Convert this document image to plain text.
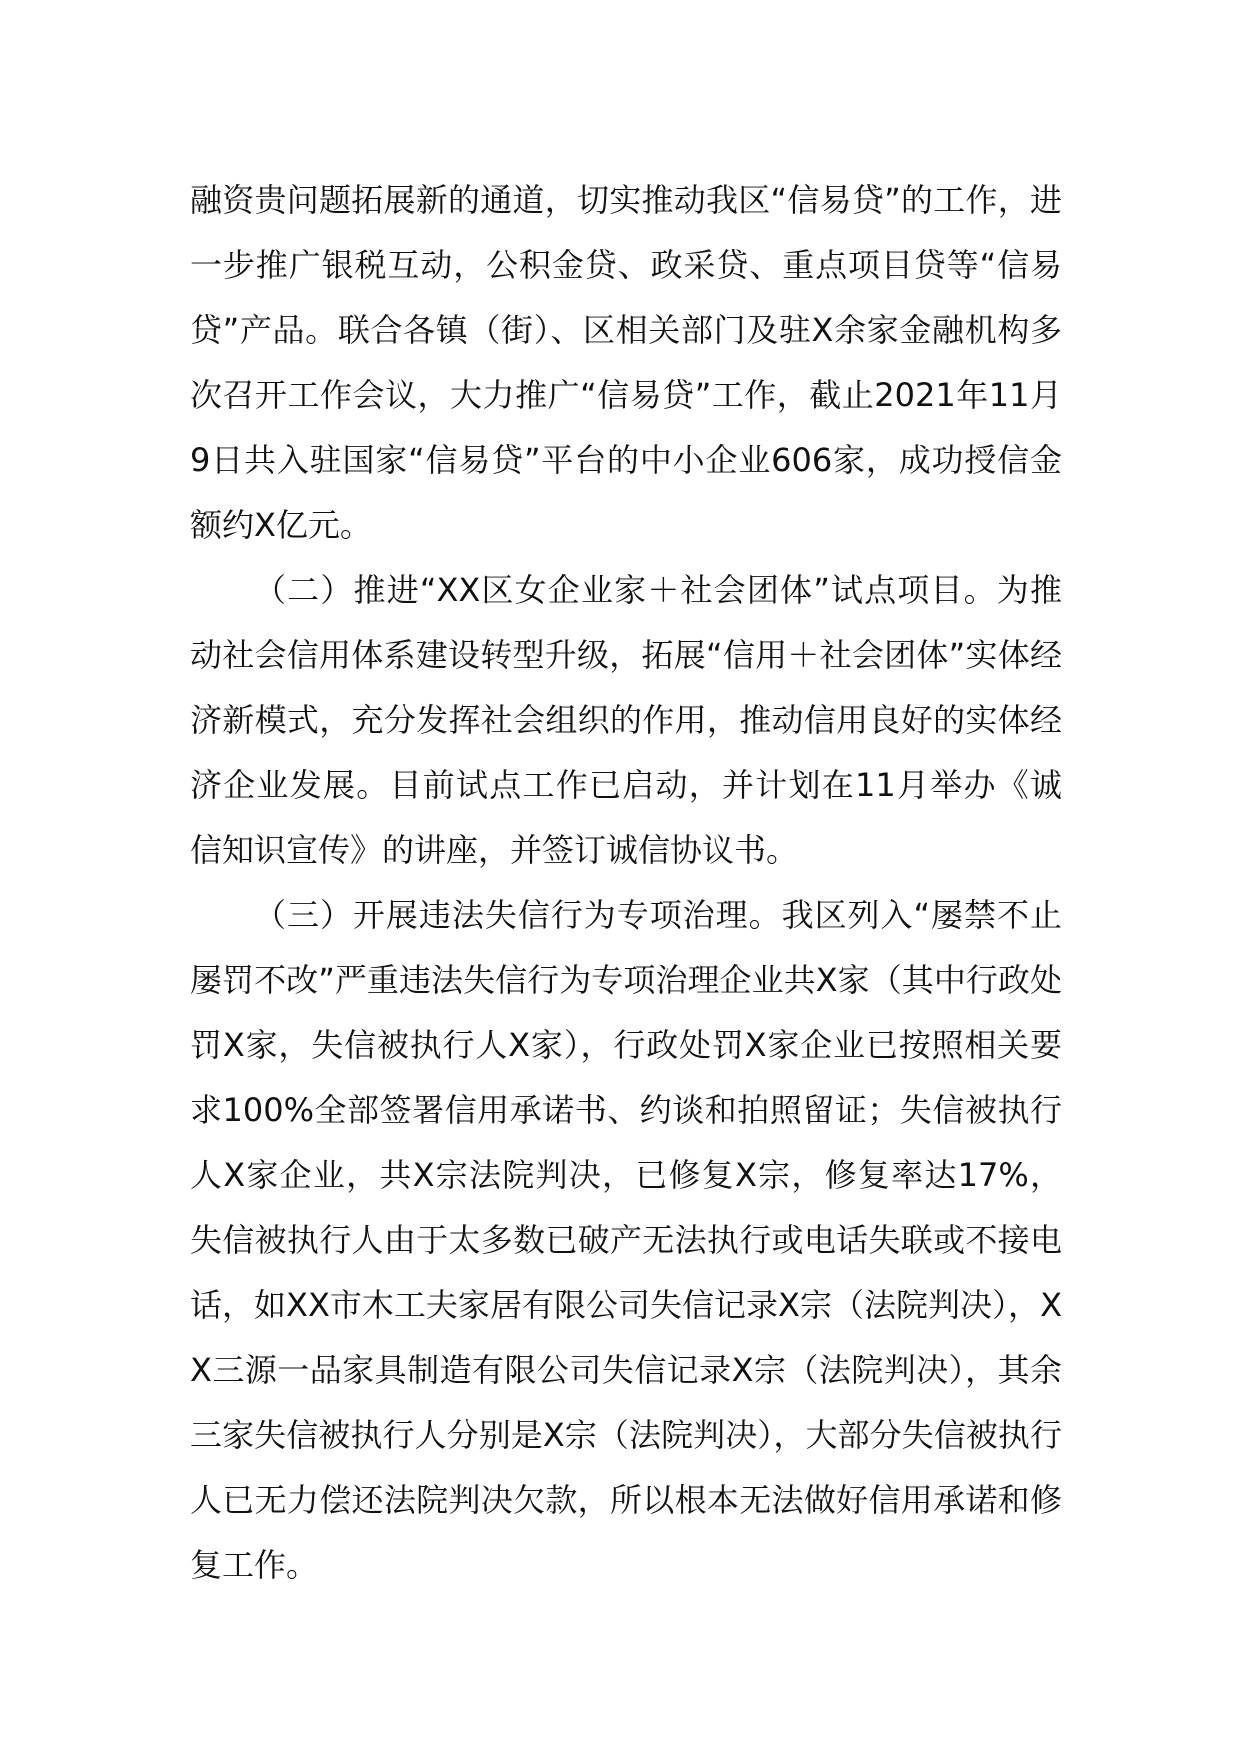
融资贵问题拓展新的通道，切实推动我区“信易贷”的工作，进一步推广银税互动，公积金贷、政采贷、重点项目贷等“信易贷”产品。联合各镇（街）、区相关部门及驻X余家金融机构多次召开工作会议，大力推广“信易贷”工作，截止2021年11月9日共入驻国家“信易贷”平台的中小企业606家，成功授信金额约X亿元。

（二）推进“XX区女企业家＋社会团体”试点项目。为推动社会信用体系建设转型升级，拓展“信用＋社会团体”实体经济新模式，充分发挥社会组织的作用，推动信用良好的实体经济企业发展。目前试点工作已启动，并计划在11月举办《诚信知识宣传》的讲座，并签订诚信协议书。

（三）开展违法失信行为专项治理。我区列入“屡禁不止屡罚不改”严重违法失信行为专项治理企业共X家（其中行政处罚X家，失信被执行人X家），行政处罚X家企业已按照相关要求100%全部签署信用承诺书、约谈和拍照留证；失信被执行人X家企业，共X宗法院判决，已修复X宗，修复率达17%，失信被执行人由于太多数已破产无法执行或电话失联或不接电话，如XX市木工夫家居有限公司失信记录X宗（法院判决），XX三源一品家具制造有限公司失信记录X宗（法院判决），其余三家失信被执行人分别是X宗（法院判决），大部分失信被执行人已无力偿还法院判决欠款，所以根本无法做好信用承诺和修复工作。
